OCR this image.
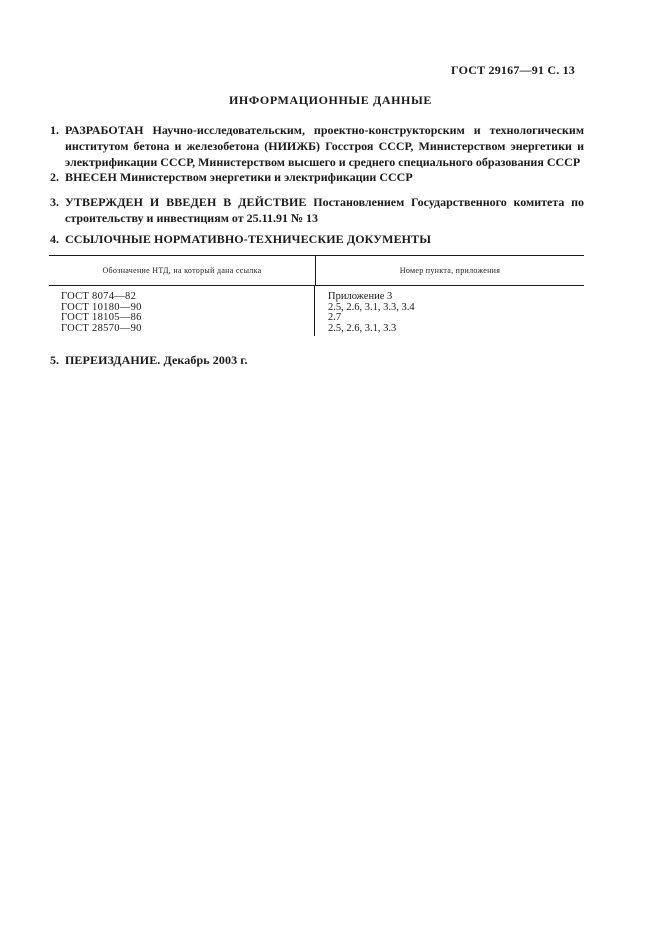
ГОСТ 29167—91 С. 13
ИНФОРМАЦИОННЫЕ ДАННЫЕ
1. РАЗРАБОТАН Научно-исследовательским, проектно-конструкторским и технологическим институтом бетона и железобетона (НИИЖБ) Госстроя СССР, Министерством энергетики и электрификации СССР, Министерством высшего и среднего специального образования СССР
2. ВНЕСЕН Министерством энергетики и электрификации СССР
3. УТВЕРЖДЕН И ВВЕДЕН В ДЕЙСТВИЕ Постановлением Государственного комитета по строительству и инвестициям от 25.11.91 № 13
4. ССЫЛОЧНЫЕ НОРМАТИВНО-ТЕХНИЧЕСКИЕ ДОКУМЕНТЫ
Обозначение НТД, на который дана ссылка	Номер пункта, приложения
ГОСТ 8074—82
ГОСТ 10180—90
ГОСТ 18105—86
ГОСТ 28570—90
Приложение 3
2.5, 2.6, 3.1, 3.3, 3.4
2.7
2.5, 2.6, 3.1, 3.3
5. ПЕРЕИЗДАНИЕ. Декабрь 2003 г.
